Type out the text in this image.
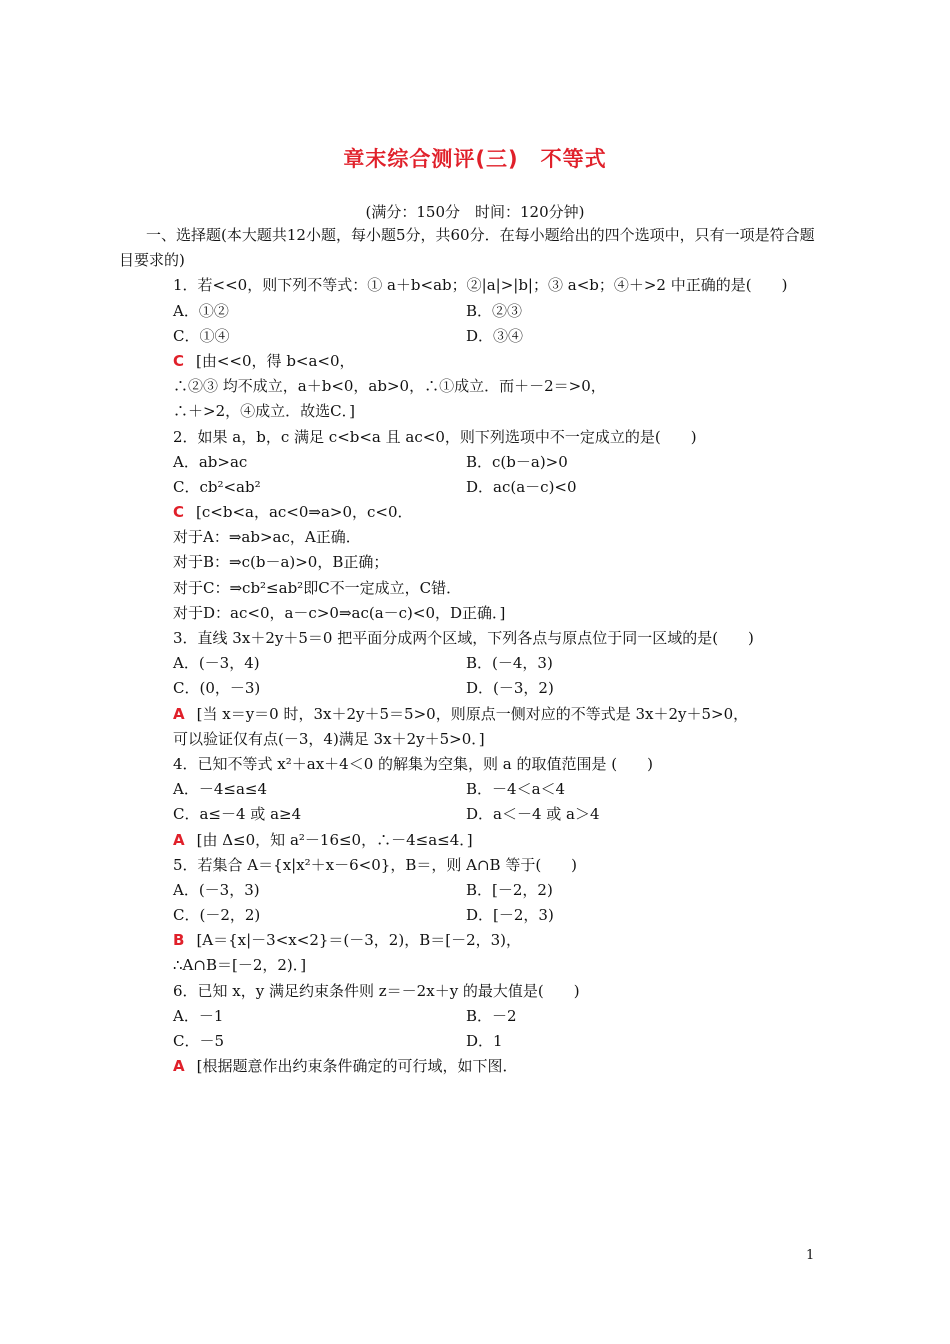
章末综合测评(三)　不等式
(满分：150分　时间：120分钟)
一、选择题(本大题共12小题，每小题5分，共60分．在每小题给出的四个选项中，只有一项是符合题目要求的)
1．若<<0，则下列不等式：① a＋b<ab；②|a|>|b|；③ a<b；④＋>2 中正确的是(　　)
A．①②	B．②③
C．①④	D．③④
C [由<<0，得 b<a<0，
∴②③ 均不成立，a＋b<0，ab>0，∴①成立．而＋－2＝>0，
∴＋>2，④成立．故选C．]
2．如果 a，b，c 满足 c<b<a 且 ac<0，则下列选项中不一定成立的是(　　)
A．ab>ac	B．c(b－a)>0
C．cb²<ab²	D．ac(a－c)<0
C [c<b<a，ac<0⇒a>0，c<0．
对于A：⇒ab>ac，A正确．
对于B：⇒c(b－a)>0，B正确；
对于C：⇒cb²≤ab²即C不一定成立，C错．
对于D：ac<0，a－c>0⇒ac(a－c)<0，D正确．]
3．直线 3x＋2y＋5＝0 把平面分成两个区域，下列各点与原点位于同一区域的是(　　)
A．(－3，4)	B．(－4，3)
C．(0，－3)	D．(－3，2)
A [当 x＝y＝0 时，3x＋2y＋5＝5>0，则原点一侧对应的不等式是 3x＋2y＋5>0，
可以验证仅有点(－3，4)满足 3x＋2y＋5>0．]
4．已知不等式 x²＋ax＋4＜0 的解集为空集，则 a 的取值范围是 (　　)
A．－4≤a≤4	B．－4＜a＜4
C．a≤－4 或 a≥4	D．a＜－4 或 a＞4
A [由 Δ≤0，知 a²－16≤0，∴－4≤a≤4．]
5．若集合 A＝{x|x²＋x－6<0}，B＝，则 A∩B 等于(　　)
A．(－3，3)	B．[－2，2)
C．(－2，2)	D．[－2，3)
B [A＝{x|－3<x<2}＝(－3，2)，B＝[－2，3)，
∴A∩B＝[－2，2)．]
6．已知 x，y 满足约束条件则 z＝－2x＋y 的最大值是(　　)
A．－1	B．－2
C．－5	D．1
A [根据题意作出约束条件确定的可行域，如下图．
1
